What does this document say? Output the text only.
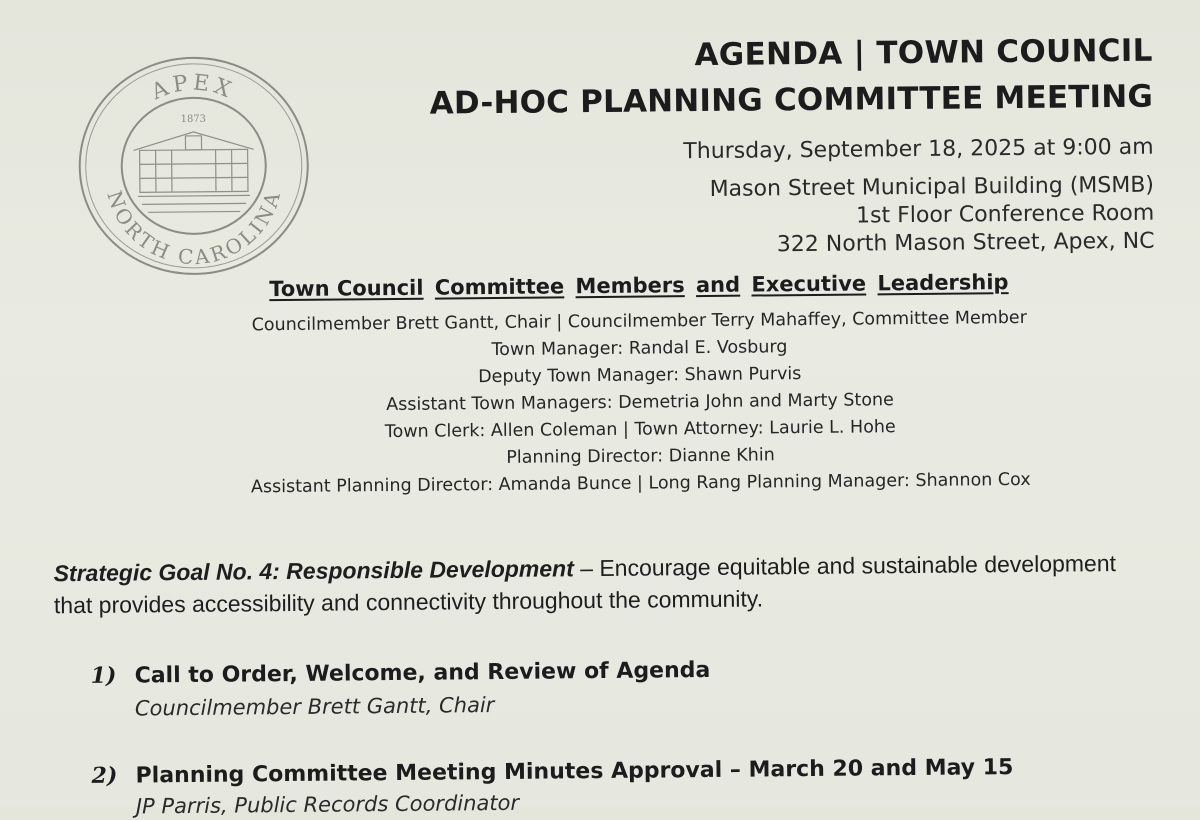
APEX
1873
NORTH CAROLINA
AGENDA | TOWN COUNCIL
AD-HOC PLANNING COMMITTEE MEETING
Thursday, September 18, 2025 at 9:00 am
Mason Street Municipal Building (MSMB)
1st Floor Conference Room
322 North Mason Street, Apex, NC
Town Council Committee Members and Executive Leadership
Councilmember Brett Gantt, Chair | Councilmember Terry Mahaffey, Committee Member
Town Manager: Randal E. Vosburg
Deputy Town Manager: Shawn Purvis
Assistant Town Managers: Demetria John and Marty Stone
Town Clerk: Allen Coleman | Town Attorney: Laurie L. Hohe
Planning Director: Dianne Khin
Assistant Planning Director: Amanda Bunce | Long Rang Planning Manager: Shannon Cox
Strategic Goal No. 4: Responsible Development – Encourage equitable and sustainable development that provides accessibility and connectivity throughout the community.
1) Call to Order, Welcome, and Review of Agenda
Councilmember Brett Gantt, Chair
2) Planning Committee Meeting Minutes Approval – March 20 and May 15
JP Parris, Public Records Coordinator
